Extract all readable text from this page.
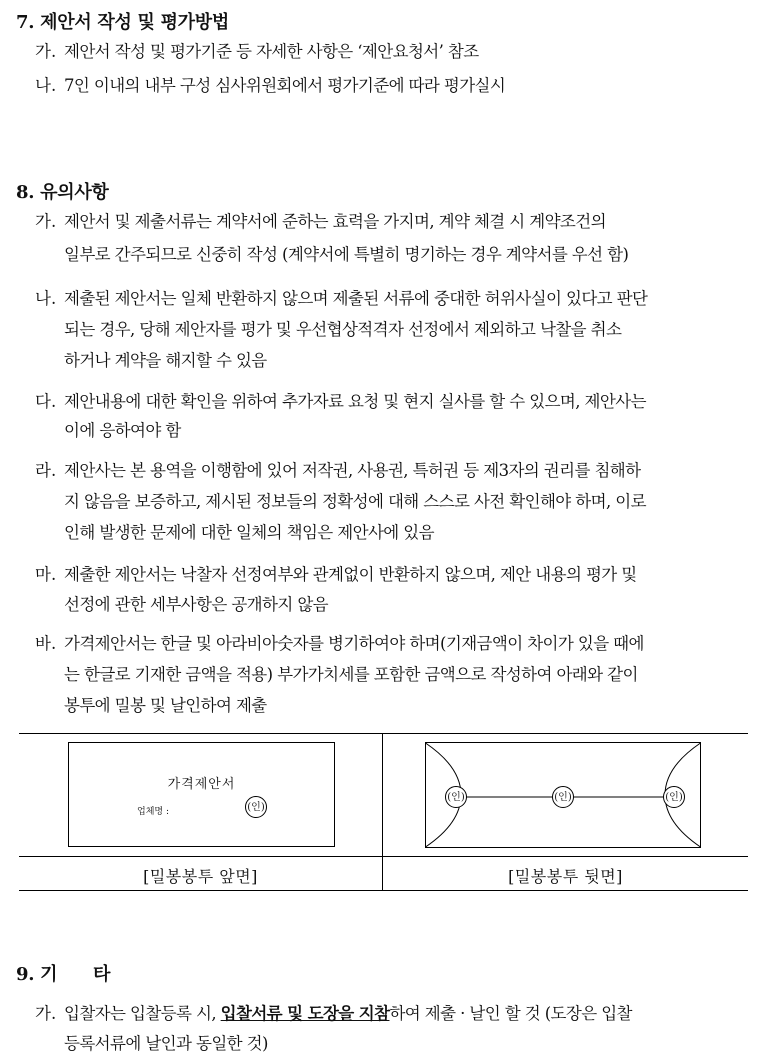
7. 제안서 작성 및 평가방법
가. 제안서 작성 및 평가기준 등 자세한 사항은 ‘제안요청서’ 참조
나. 7인 이내의 내부 구성 심사위원회에서 평가기준에 따라 평가실시
8. 유의사항
가. 제안서 및 제출서류는 계약서에 준하는 효력을 가지며, 계약 체결 시 계약조건의
일부로 간주되므로 신중히 작성 (계약서에 특별히 명기하는 경우 계약서를 우선 함)
나. 제출된 제안서는 일체 반환하지 않으며 제출된 서류에 중대한 허위사실이 있다고 판단
되는 경우, 당해 제안자를 평가 및 우선협상적격자 선정에서 제외하고 낙찰을 취소
하거나 계약을 해지할 수 있음
다. 제안내용에 대한 확인을 위하여 추가자료 요청 및 현지 실사를 할 수 있으며, 제안사는
이에 응하여야 함
라. 제안사는 본 용역을 이행함에 있어 저작권, 사용권, 특허권 등 제3자의 권리를 침해하
지 않음을 보증하고, 제시된 정보들의 정확성에 대해 스스로 사전 확인해야 하며, 이로
인해 발생한 문제에 대한 일체의 책임은 제안사에 있음
마. 제출한 제안서는 낙찰자 선정여부와 관계없이 반환하지 않으며, 제안 내용의 평가 및
선정에 관한 세부사항은 공개하지 않음
바. 가격제안서는 한글 및 아라비아숫자를 병기하여야 하며(기재금액이 차이가 있을 때에
는 한글로 기재한 금액을 적용) 부가가치세를 포함한 금액으로 작성하여 아래와 같이
봉투에 밀봉 및 날인하여 제출
가격제안서
업체명 :	(인)
(인)	(인)	(인)
[밀봉봉투 앞면]	[밀봉봉투 뒷면]
9. 기      타
가. 입찰자는 입찰등록 시, 입찰서류 및 도장을 지참하여 제출 · 날인 할 것 (도장은 입찰
등록서류에 날인과 동일한 것)
